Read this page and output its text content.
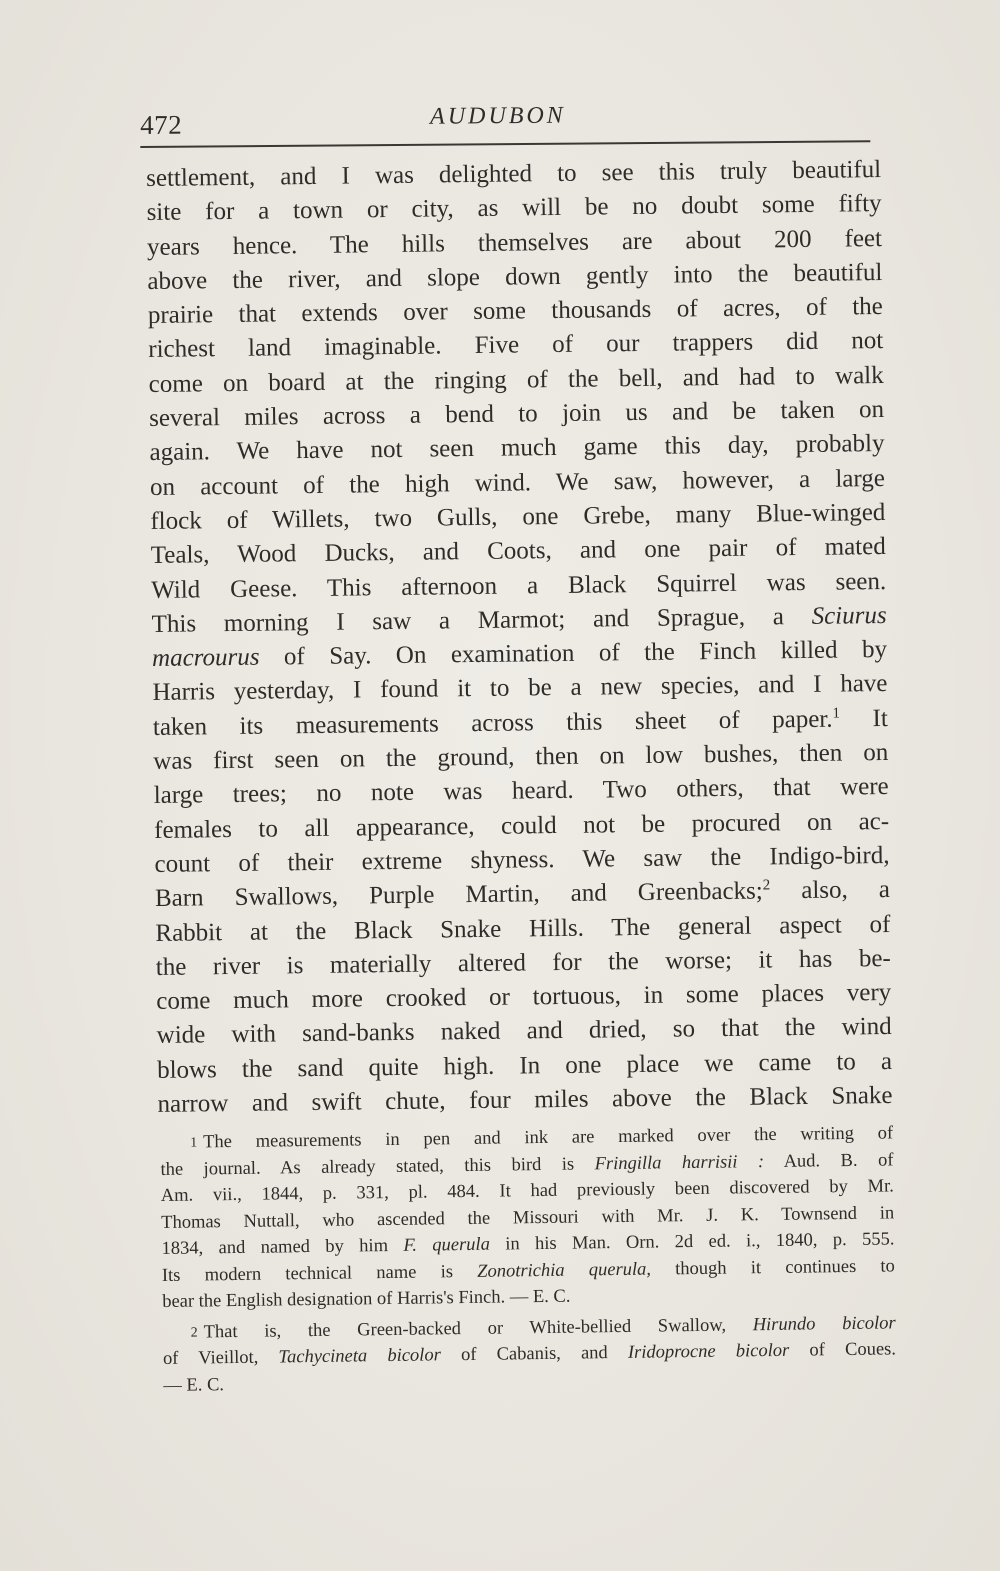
472	AUDUBON
settlement, and I was delighted to see this truly beautiful
site for a town or city, as will be no doubt some fifty
years hence. The hills themselves are about 200 feet
above the river, and slope down gently into the beautiful
prairie that extends over some thousands of acres, of the
richest land imaginable. Five of our trappers did not
come on board at the ringing of the bell, and had to walk
several miles across a bend to join us and be taken on
again. We have not seen much game this day, probably
on account of the high wind. We saw, however, a large
flock of Willets, two Gulls, one Grebe, many Blue-winged
Teals, Wood Ducks, and Coots, and one pair of mated
Wild Geese. This afternoon a Black Squirrel was seen.
This morning I saw a Marmot; and Sprague, a Sciurus
macrourus of Say. On examination of the Finch killed by
Harris yesterday, I found it to be a new species, and I have
taken its measurements across this sheet of paper.$^1$ It
was first seen on the ground, then on low bushes, then on
large trees; no note was heard. Two others, that were
females to all appearance, could not be procured on ac-
count of their extreme shyness. We saw the Indigo-bird,
Barn Swallows, Purple Martin, and Greenbacks;$^2$ also, a
Rabbit at the Black Snake Hills. The general aspect of
the river is materially altered for the worse; it has be-
come much more crooked or tortuous, in some places very
wide with sand-banks naked and dried, so that the wind
blows the sand quite high. In one place we came to a
narrow and swift chute, four miles above the Black Snake
1 The measurements in pen and ink are marked over the writing of
the journal. As already stated, this bird is Fringilla harrisii : Aud. B. of
Am. vii., 1844, p. 331, pl. 484. It had previously been discovered by Mr.
Thomas Nuttall, who ascended the Missouri with Mr. J. K. Townsend in
1834, and named by him F. querula in his Man. Orn. 2d ed. i., 1840, p. 555.
Its modern technical name is Zonotrichia querula, though it continues to
bear the English designation of Harris's Finch. — E. C.
2 That is, the Green-backed or White-bellied Swallow, Hirundo bicolor
of Vieillot, Tachycineta bicolor of Cabanis, and Iridoprocne bicolor of Coues.
— E. C.
